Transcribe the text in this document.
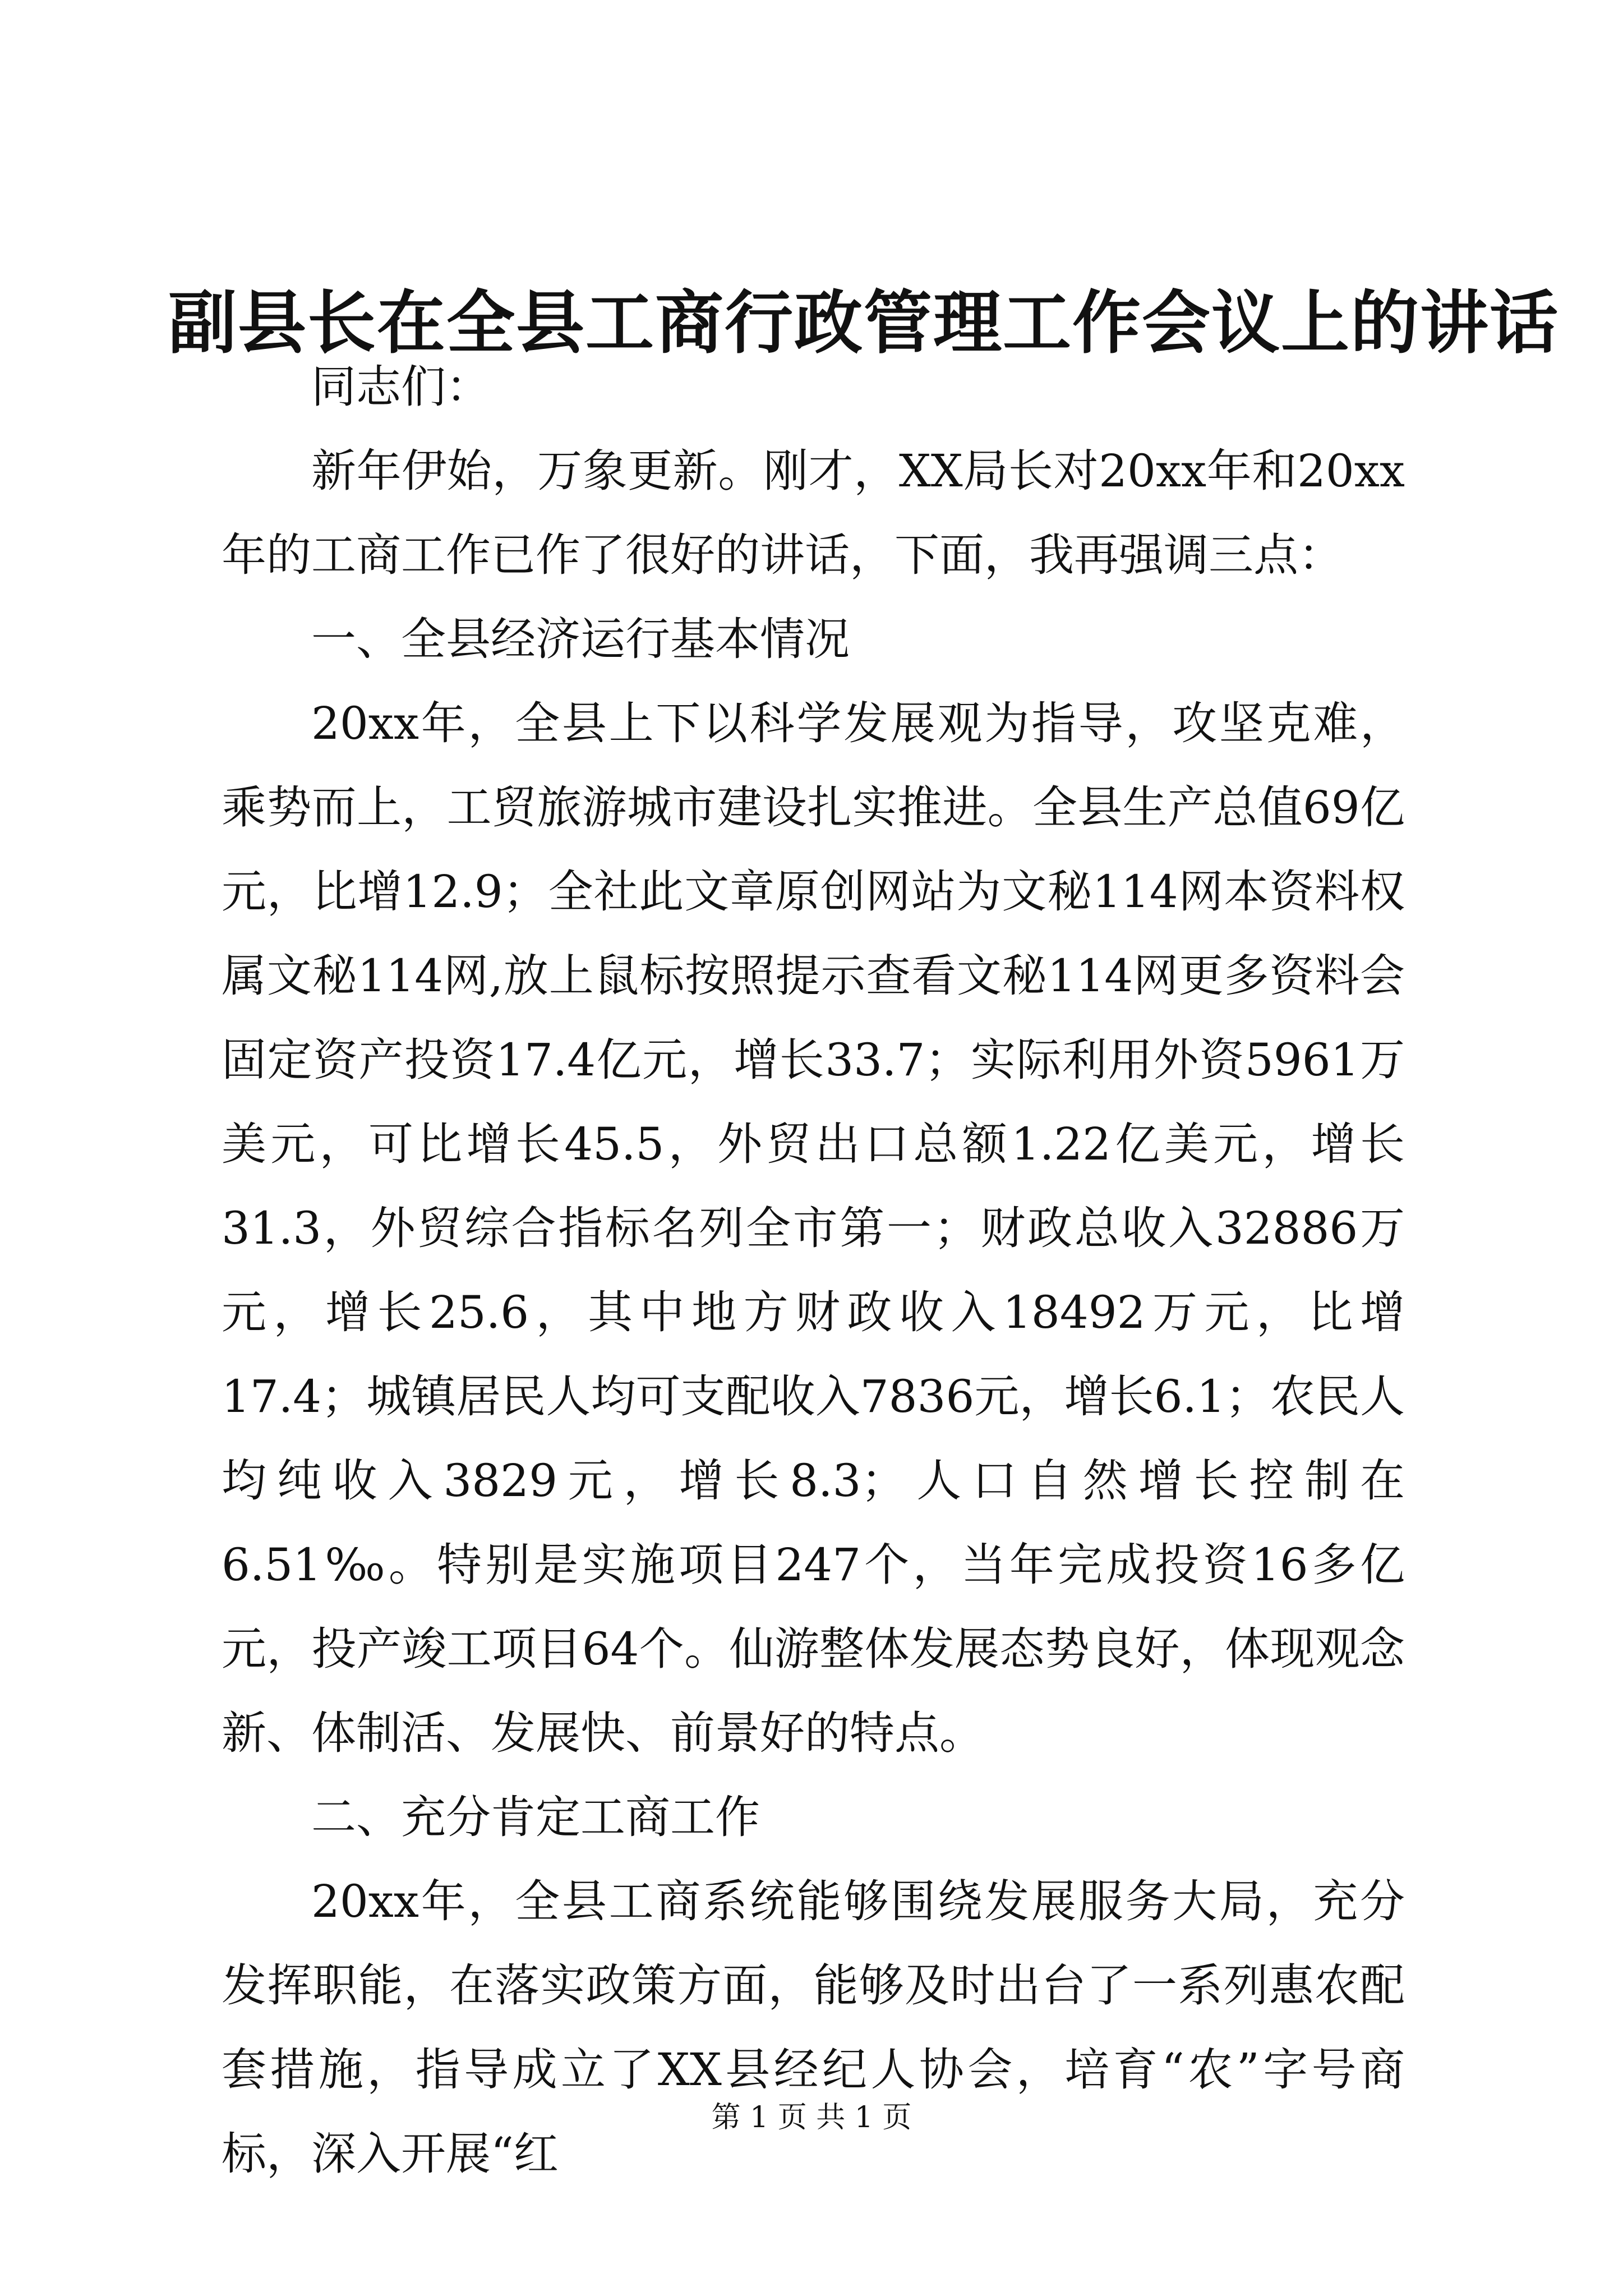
副县长在全县工商行政管理工作会议上的讲话

同志们：

新年伊始，万象更新。刚才，XX局长对20xx年和20xx年的工商工作已作了很好的讲话，下面，我再强调三点：

一、全县经济运行基本情况

20xx年，全县上下以科学发展观为指导，攻坚克难，乘势而上，工贸旅游城市建设扎实推进。全县生产总值69亿元，比增12.9；全社此文章原创网站为文秘114网本资料权属文秘114网,放上鼠标按照提示查看文秘114网更多资料会固定资产投资17.4亿元，增长33.7；实际利用外资5961万美元，可比增长45.5，外贸出口总额1.22亿美元，增长31.3，外贸综合指标名列全市第一；财政总收入32886万元，增长25.6，其中地方财政收入18492万元，比增17.4；城镇居民人均可支配收入7836元，增长6.1；农民人均纯收入3829元，增长8.3；人口自然增长控制在6.51‰。特别是实施项目247个，当年完成投资16多亿元，投产竣工项目64个。仙游整体发展态势良好，体现观念新、体制活、发展快、前景好的特点。

二、充分肯定工商工作

20xx年，全县工商系统能够围绕发展服务大局，充分发挥职能，在落实政策方面，能够及时出台了一系列惠农配套措施，指导成立了XX县经纪人协会，培育“农”字号商标，深入开展“红

第 1 页 共 1 页
